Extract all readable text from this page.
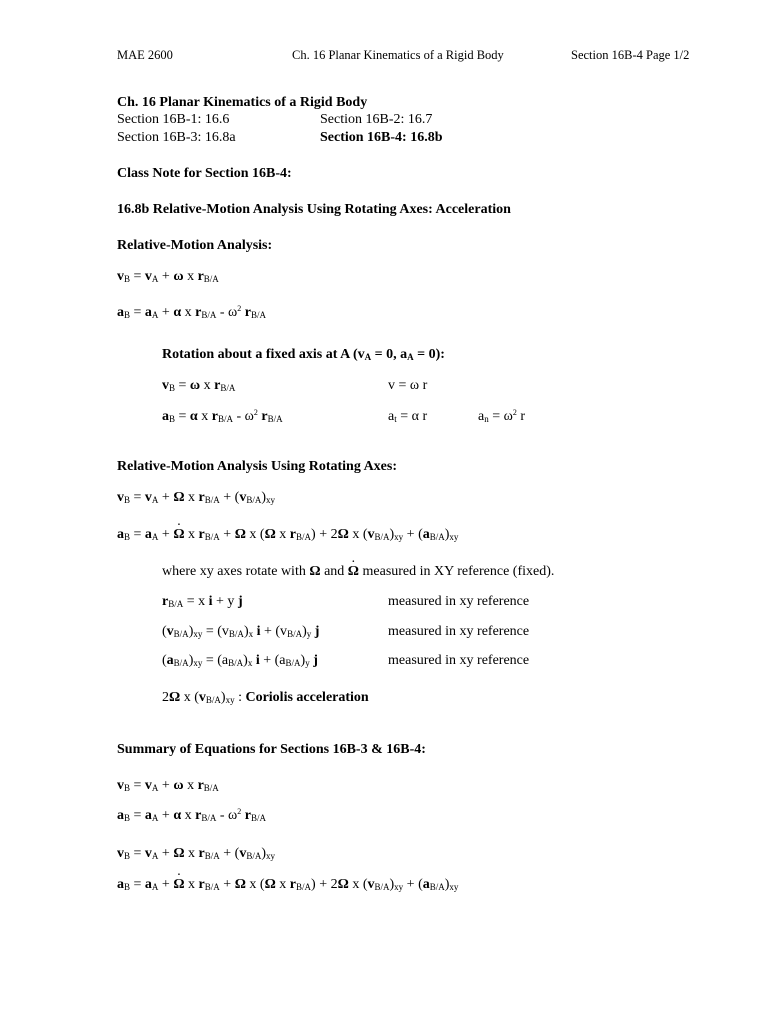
MAE 2600	Ch. 16 Planar Kinematics of a Rigid Body	Section 16B-4 Page 1/2
Ch. 16 Planar Kinematics of a Rigid Body
Section 16B-1: 16.6	Section 16B-2: 16.7
Section 16B-3: 16.8a	Section 16B-4: 16.8b
Class Note for Section 16B-4:
16.8b Relative-Motion Analysis Using Rotating Axes: Acceleration
Relative-Motion Analysis:
$v_B = v_A + \omega$ x $r_{B/A}$
$a_B = a_A + \alpha$ x $r_{B/A} - \omega^2$ $r_{B/A}$
Rotation about a fixed axis at A ($v_A = 0$, $a_A = 0$):
$v_B = \omega$ x $r_{B/A}$	v = ω r
$a_B = \alpha$ x $r_{B/A} - \omega^2$ $r_{B/A}$	$a_t = \alpha$ r	$a_n = \omega^2$ r
Relative-Motion Analysis Using Rotating Axes:
$v_B = v_A + \Omega$ x $r_{B/A} + (v_{B/A})_{xy}$
$a_B = a_A$ + · Ω x $r_{B/A} + \Omega$ x (Ω x $r_{B/A}) + 2\Omega$ x $(v_{B/A})_{xy} + (a_{B/A})_{xy}$
where xy axes rotate with Ω and · Ω measured in XY reference (fixed).
$r_{B/A} = x$ i + y j	measured in xy reference
$(v_{B/A})_{xy} = (v_{B/A})_x$ $i + (v_{B/A})_y$ j	measured in xy reference
$(a_{B/A})_{xy} = (a_{B/A})_x$ $i + (a_{B/A})_y$ j	measured in xy reference
2Ω x $(v_{B/A})_{xy}$ : Coriolis acceleration
Summary of Equations for Sections 16B-3 & 16B-4:
$v_B = v_A + \omega$ x $r_{B/A}$
$a_B = a_A + \alpha$ x $r_{B/A} - \omega^2$ $r_{B/A}$
$v_B = v_A + \Omega$ x $r_{B/A} + (v_{B/A})_{xy}$
$a_B = a_A$ + · Ω x $r_{B/A} + \Omega$ x (Ω x $r_{B/A}) + 2\Omega$ x $(v_{B/A})_{xy} + (a_{B/A})_{xy}$
